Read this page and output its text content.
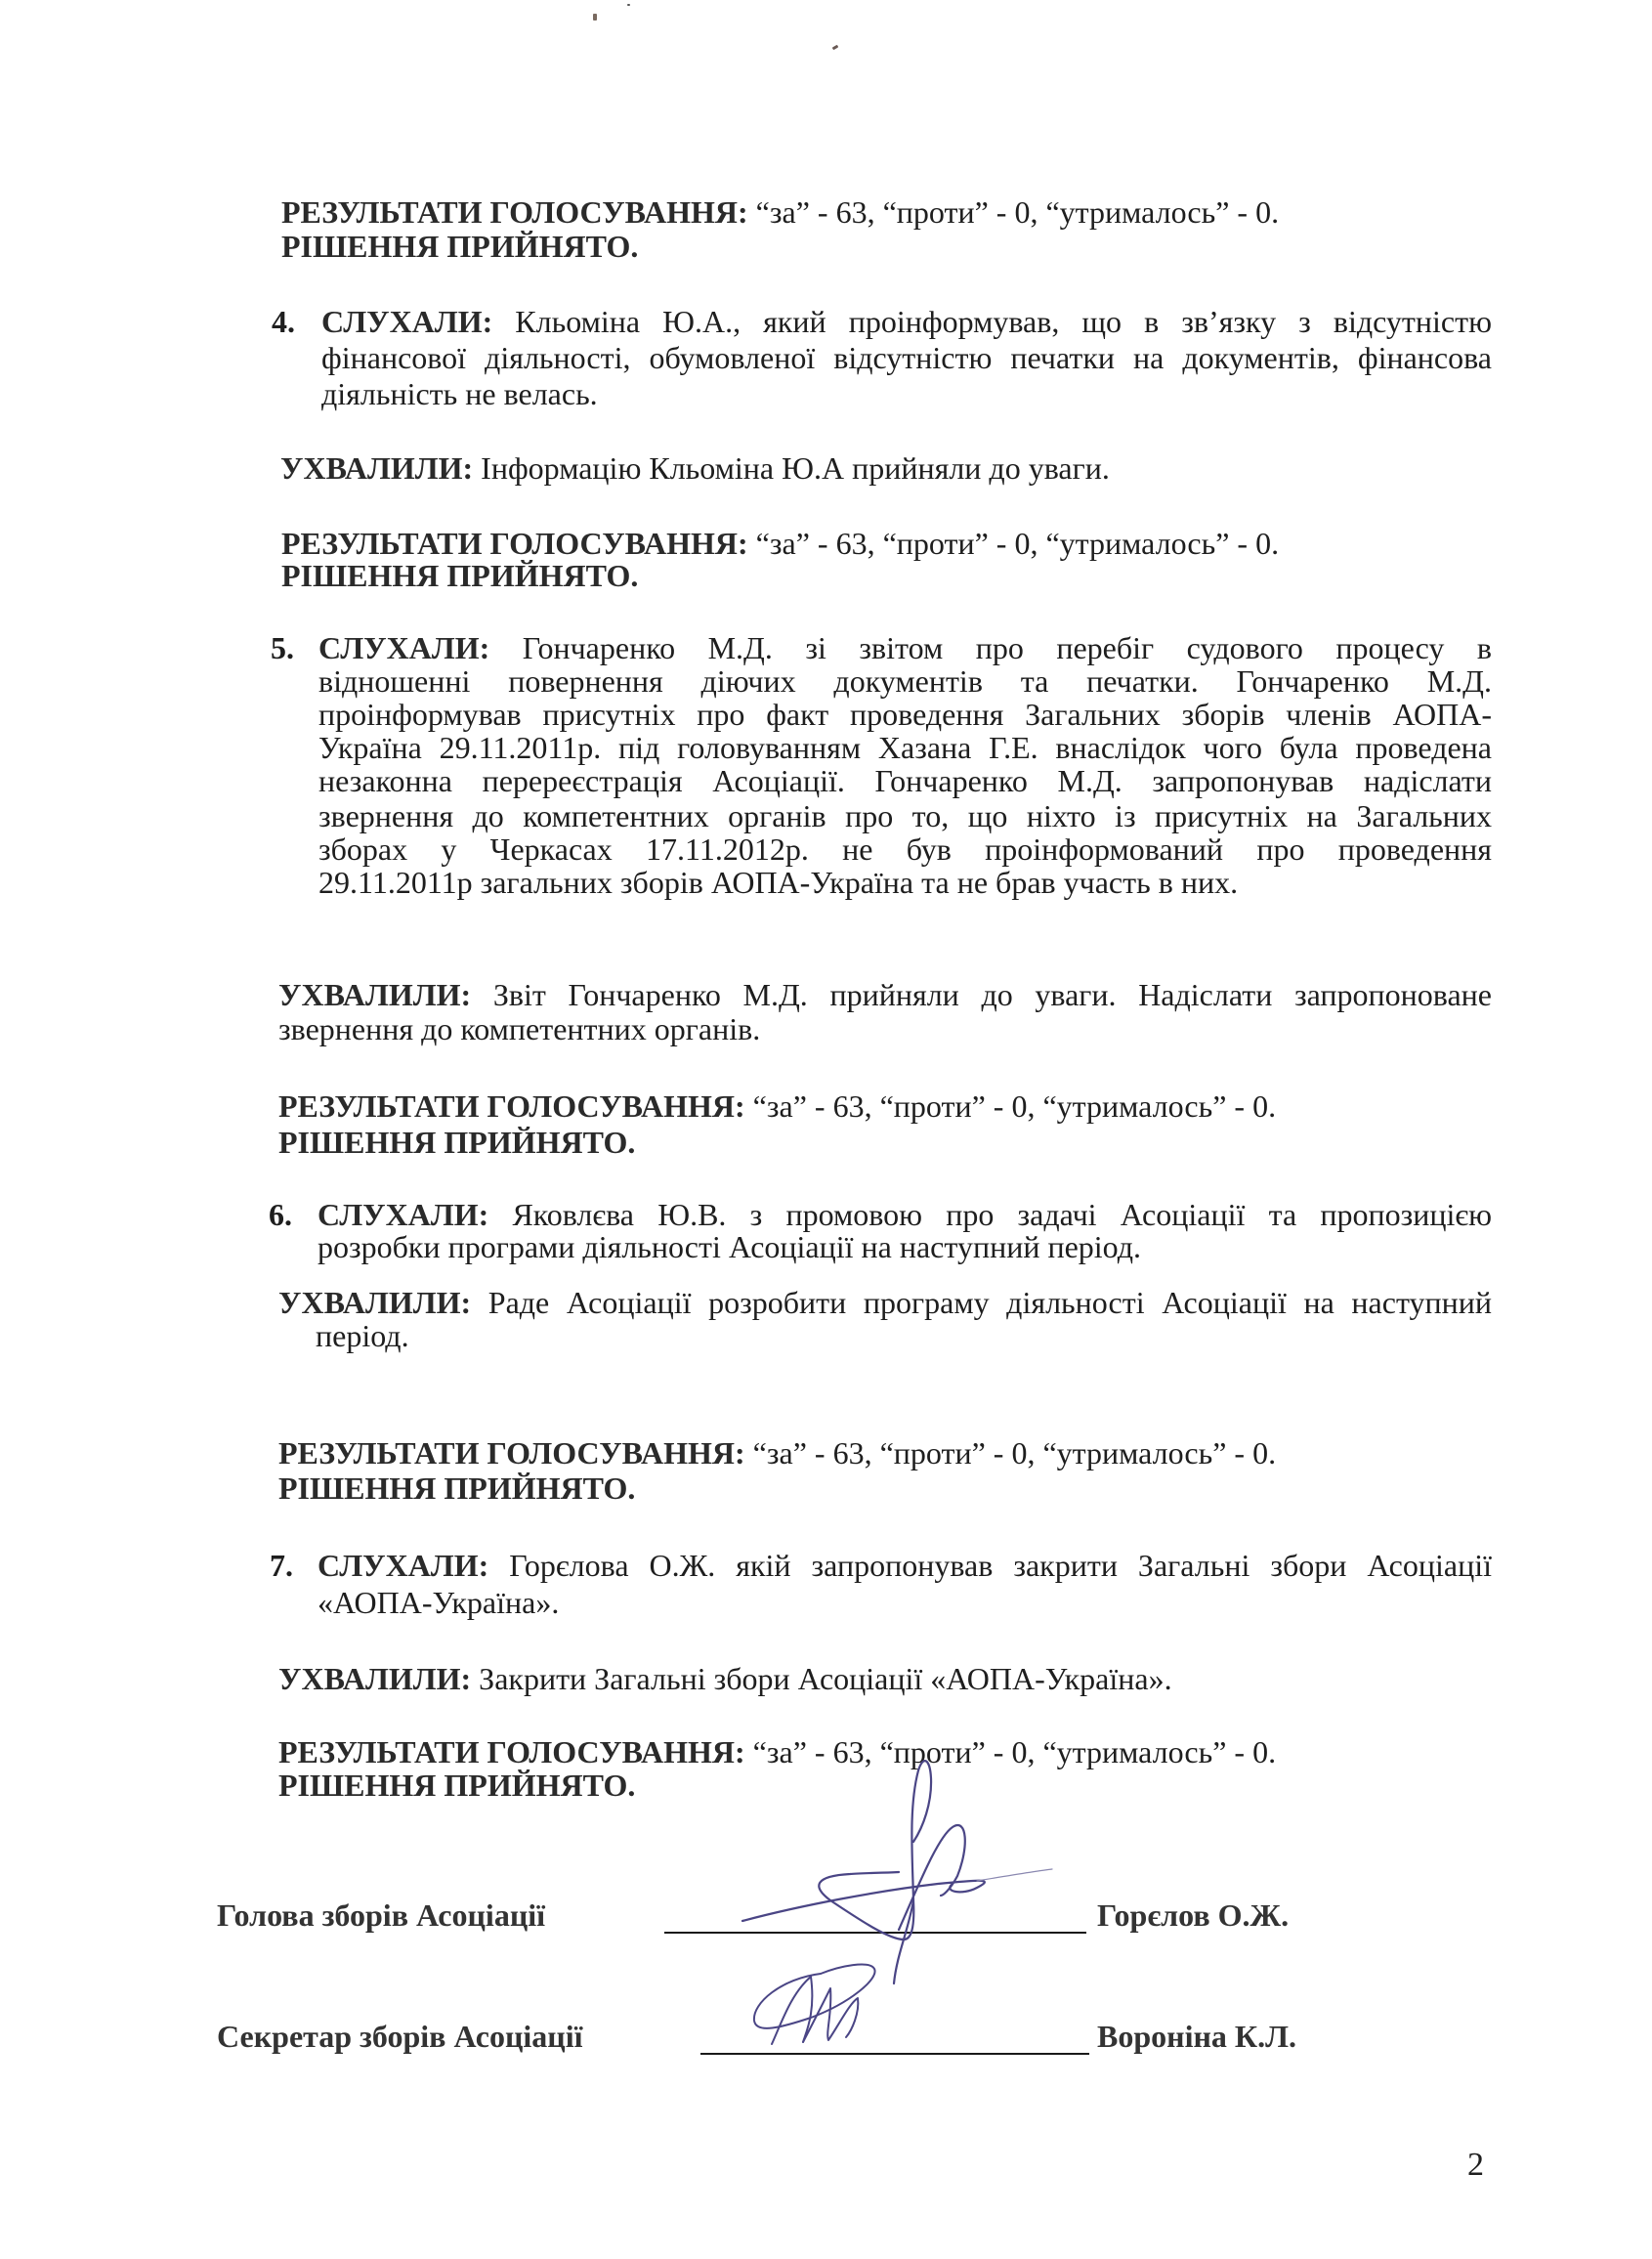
РЕЗУЛЬТАТИ ГОЛОСУВАННЯ: “за” - 63, “проти” - 0, “утрималось” - 0.
РІШЕННЯ ПРИЙНЯТО.
4. СЛУХАЛИ: Кльоміна Ю.А., який проінформував, що в зв’язку з відсутністю
фінансової діяльності, обумовленої відсутністю печатки на документів, фінансова
діяльність не велась.
УХВАЛИЛИ: Інформацію Кльоміна Ю.А прийняли до уваги.
РЕЗУЛЬТАТИ ГОЛОСУВАННЯ: “за” - 63, “проти” - 0, “утрималось” - 0.
РІШЕННЯ ПРИЙНЯТО.
5. СЛУХАЛИ: Гончаренко М.Д. зі звітом про перебіг судового процесу в
відношенні повернення діючих документів та печатки. Гончаренко М.Д.
проінформував присутніх про факт проведення Загальних зборів членів АОПА-
Україна 29.11.2011р. під головуванням Хазана Г.Е. внаслідок чого була проведена
незаконна перереєстрація Асоціації. Гончаренко М.Д. запропонував надіслати
звернення до компетентних органів про то, що ніхто із присутніх на Загальних
зборах у Черкасах 17.11.2012р. не був проінформований про проведення
29.11.2011р загальних зборів АОПА-Україна та не брав участь в них.
УХВАЛИЛИ: Звіт Гончаренко М.Д. прийняли до уваги. Надіслати запропоноване
звернення до компетентних органів.
РЕЗУЛЬТАТИ ГОЛОСУВАННЯ: “за” - 63, “проти” - 0, “утрималось” - 0.
РІШЕННЯ ПРИЙНЯТО.
6. СЛУХАЛИ: Яковлєва Ю.В. з промовою про задачі Асоціації та пропозицією
розробки програми діяльності Асоціації на наступний період.
УХВАЛИЛИ: Раде Асоціації розробити програму діяльності Асоціації на наступний
період.
РЕЗУЛЬТАТИ ГОЛОСУВАННЯ: “за” - 63, “проти” - 0, “утрималось” - 0.
РІШЕННЯ ПРИЙНЯТО.
7. СЛУХАЛИ: Горєлова О.Ж. якій запропонував закрити Загальні збори Асоціації
«АОПА-Україна».
УХВАЛИЛИ: Закрити Загальні збори Асоціації «АОПА-Україна».
РЕЗУЛЬТАТИ ГОЛОСУВАННЯ: “за” - 63, “проти” - 0, “утрималось” - 0.
РІШЕННЯ ПРИЙНЯТО.
Голова зборів Асоціації	Горєлов О.Ж.
Секретар зборів Асоціації	Вороніна К.Л.
2
